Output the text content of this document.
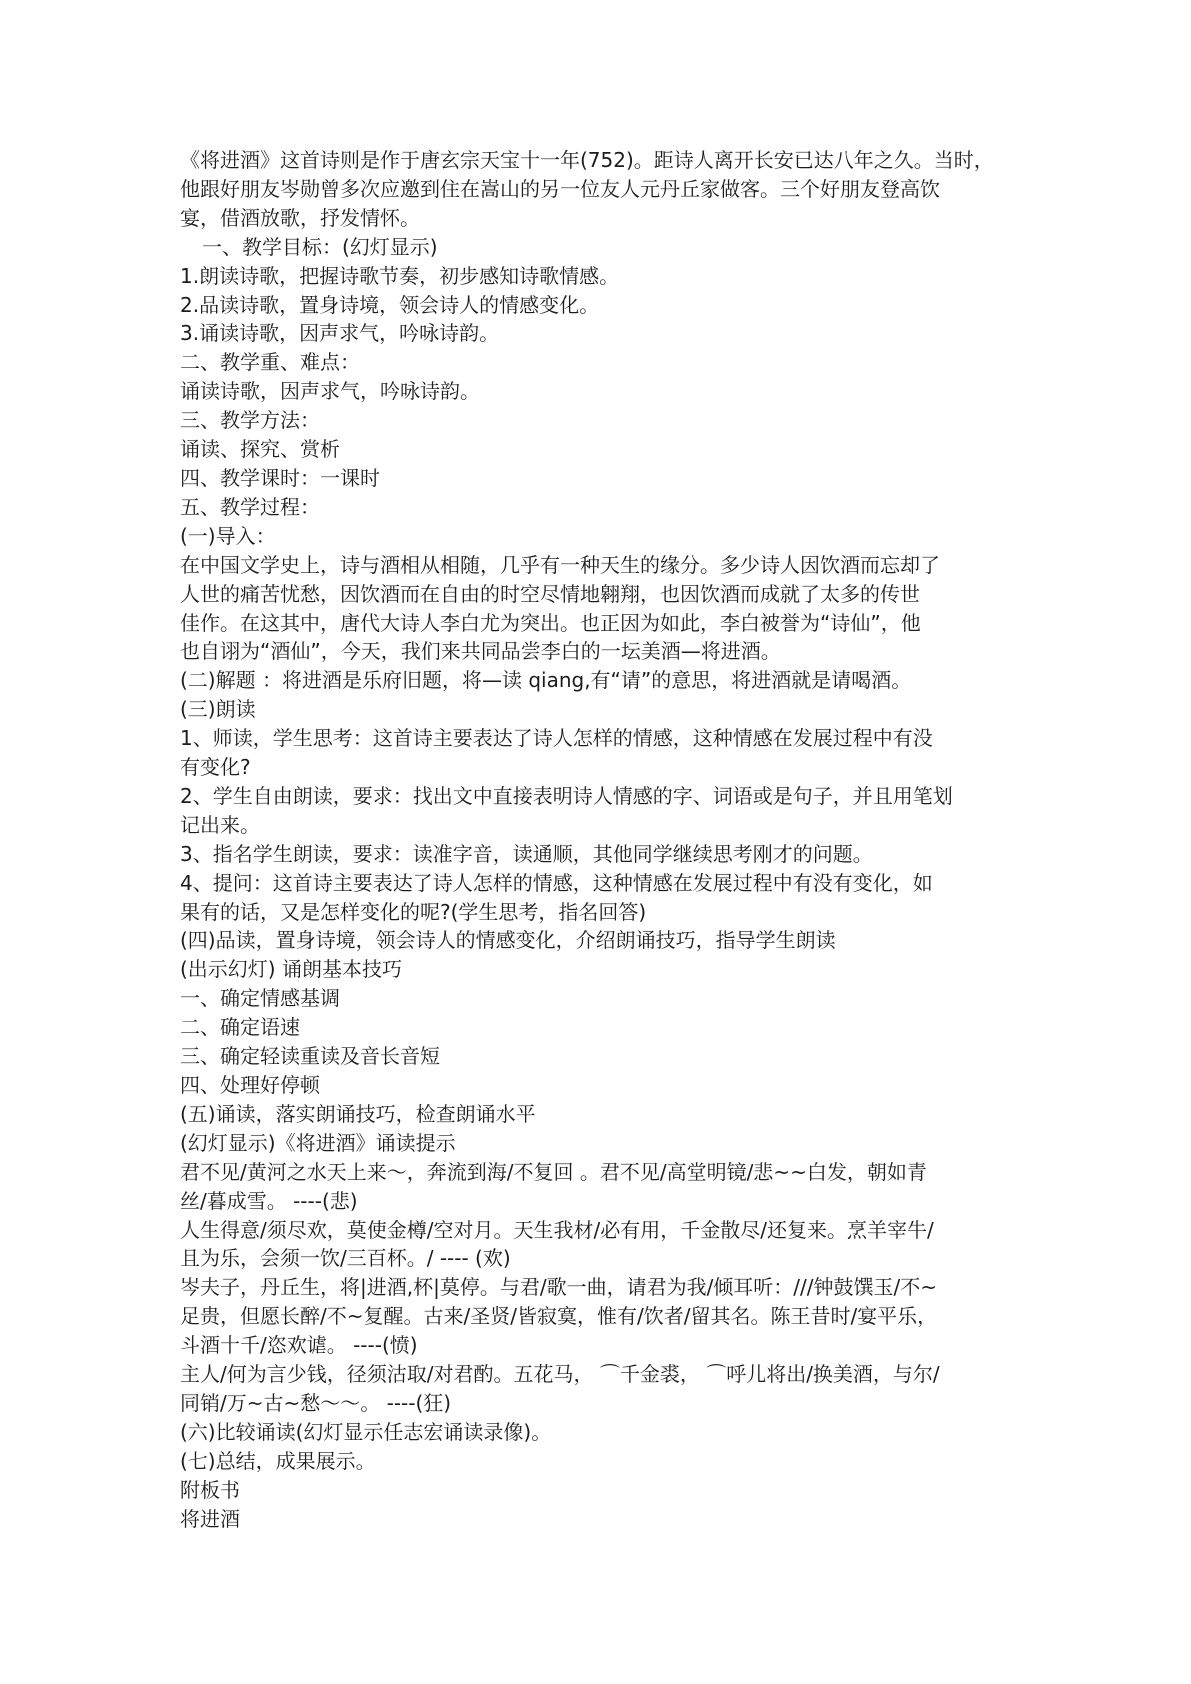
《将进酒》这首诗则是作于唐玄宗天宝十一年(752)。距诗人离开长安已达八年之久。当时，
他跟好朋友岑勋曾多次应邀到住在嵩山的另一位友人元丹丘家做客。三个好朋友登高饮
宴，借酒放歌，抒发情怀。
一、教学目标：(幻灯显示)
1.朗读诗歌，把握诗歌节奏，初步感知诗歌情感。
2.品读诗歌，置身诗境，领会诗人的情感变化。
3.诵读诗歌，因声求气，吟咏诗韵。
二、教学重、难点：
诵读诗歌，因声求气，吟咏诗韵。
三、教学方法：
诵读、探究、赏析
四、教学课时：一课时
五、教学过程：
(一)导入：
在中国文学史上，诗与酒相从相随，几乎有一种天生的缘分。多少诗人因饮酒而忘却了
人世的痛苦忧愁，因饮酒而在自由的时空尽情地翱翔，也因饮酒而成就了太多的传世
佳作。在这其中，唐代大诗人李白尤为突出。也正因为如此，李白被誉为“诗仙”，他
也自诩为“酒仙”，今天，我们来共同品尝李白的一坛美酒—将进酒。
(二)解题 ：将进酒是乐府旧题，将—读 qiang,有“请”的意思，将进酒就是请喝酒。
(三)朗读
1、师读，学生思考：这首诗主要表达了诗人怎样的情感，这种情感在发展过程中有没
有变化?
2、学生自由朗读，要求：找出文中直接表明诗人情感的字、词语或是句子，并且用笔划
记出来。
3、指名学生朗读，要求：读准字音，读通顺，其他同学继续思考刚才的问题。
4、提问：这首诗主要表达了诗人怎样的情感，这种情感在发展过程中有没有变化，如
果有的话，又是怎样变化的呢?(学生思考，指名回答)
(四)品读，置身诗境，领会诗人的情感变化，介绍朗诵技巧，指导学生朗读
(出示幻灯) 诵朗基本技巧
一、确定情感基调
二、确定语速
三、确定轻读重读及音长音短
四、处理好停顿
(五)诵读，落实朗诵技巧，检查朗诵水平
(幻灯显示)《将进酒》诵读提示
君不见/黄河之水天上来～，奔流到海/不复回 。君不见/高堂明镜/悲~~白发，朝如青
丝/暮成雪。 ----(悲)
人生得意/须尽欢，莫使金樽/空对月。天生我材/必有用，千金散尽/还复来。烹羊宰牛/
且为乐，会须一饮/三百杯。/ ---- (欢)
岑夫子，丹丘生，将|进酒,杯|莫停。与君/歌一曲，请君为我/倾耳听：///钟鼓馔玉/不~
足贵，但愿长醉/不~复醒。古来/圣贤/皆寂寞，惟有/饮者/留其名。陈王昔时/宴平乐，
斗酒十千/恣欢谑。 ----(愤)
主人/何为言少钱，径须沽取/对君酌。五花马， ⌒千金裘， ⌒呼儿将出/换美酒，与尔/
同销/万~古~愁～～。 ----(狂)
(六)比较诵读(幻灯显示任志宏诵读录像)。
(七)总结，成果展示。
附板书
将进酒
